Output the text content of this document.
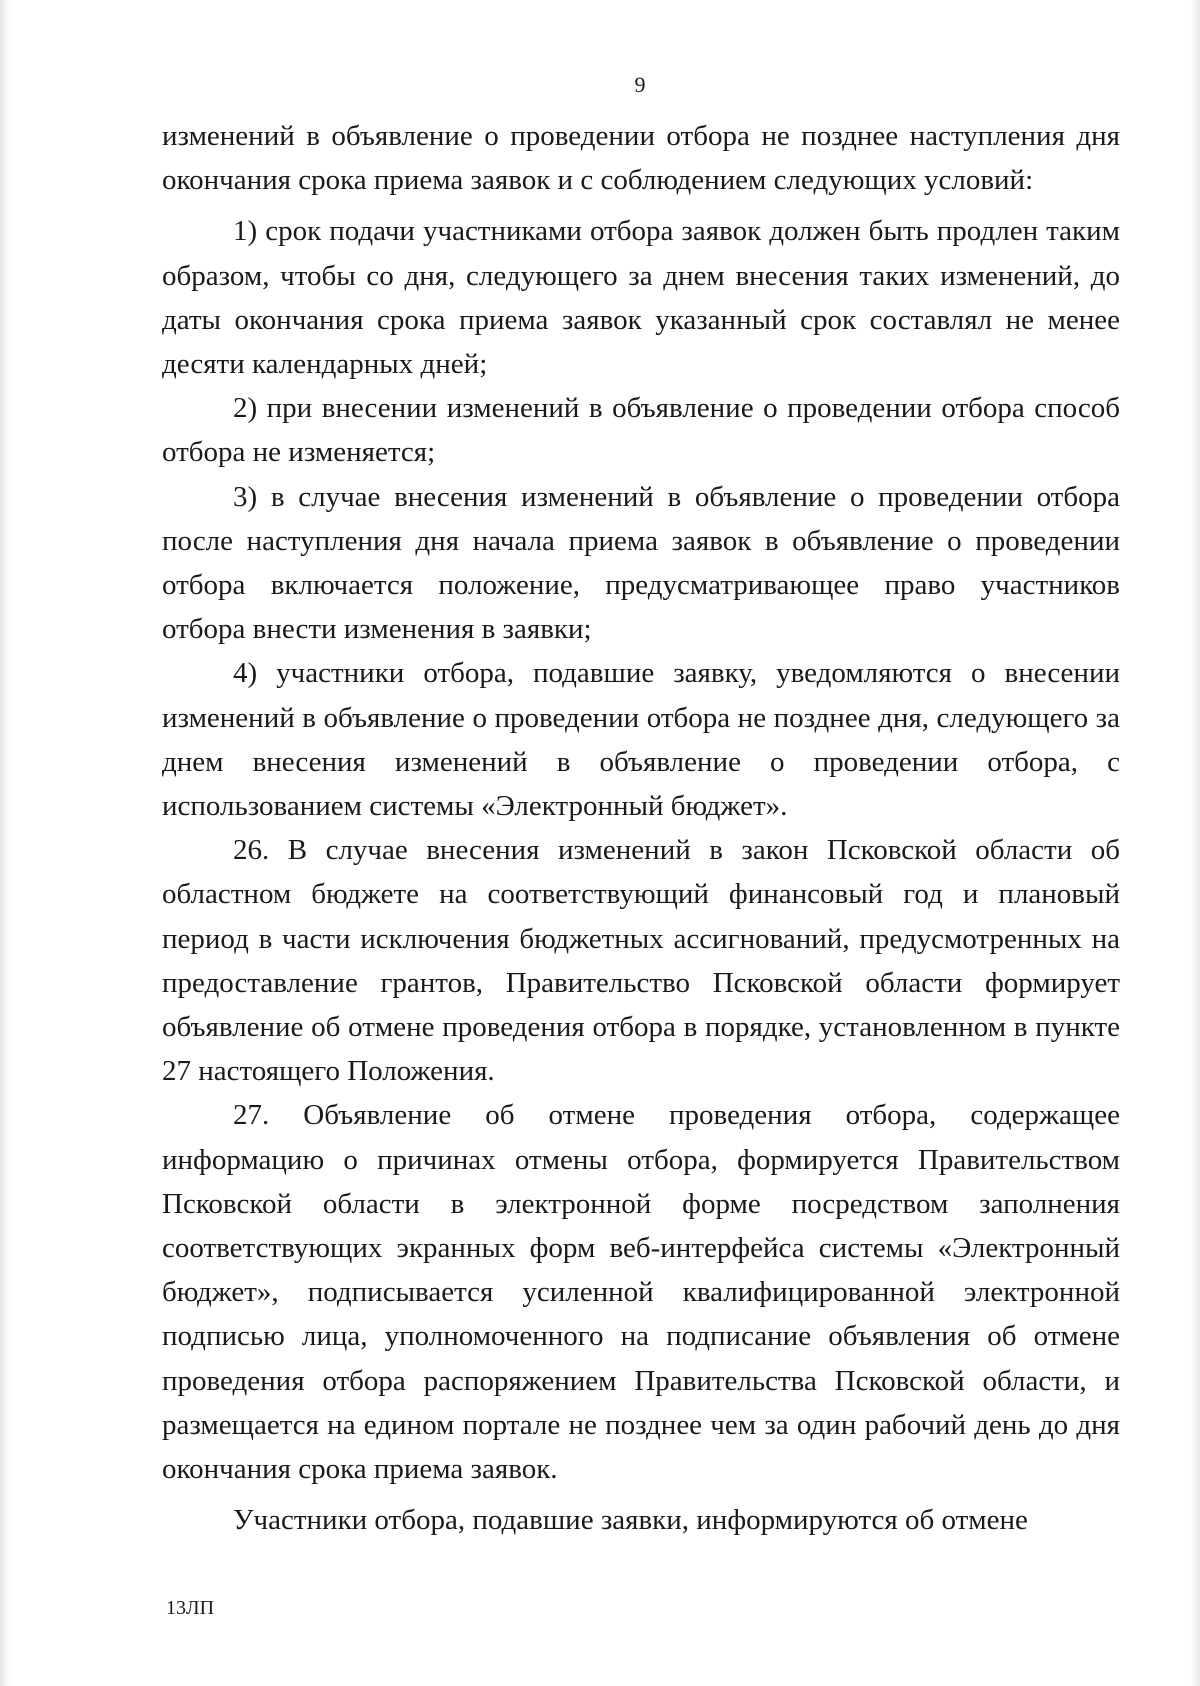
9

изменений в объявление о проведении отбора не позднее наступления дня окончания срока приема заявок и с соблюдением следующих условий:

1) срок подачи участниками отбора заявок должен быть продлен таким образом, чтобы со дня, следующего за днем внесения таких изменений, до даты окончания срока приема заявок указанный срок составлял не менее десяти календарных дней;

2) при внесении изменений в объявление о проведении отбора способ отбора не изменяется;

3) в случае внесения изменений в объявление о проведении отбора после наступления дня начала приема заявок в объявление о проведении отбора включается положение, предусматривающее право участников отбора внести изменения в заявки;

4) участники отбора, подавшие заявку, уведомляются о внесении изменений в объявление о проведении отбора не позднее дня, следующего за днем внесения изменений в объявление о проведении отбора, с использованием системы «Электронный бюджет».

26. В случае внесения изменений в закон Псковской области об областном бюджете на соответствующий финансовый год и плановый период в части исключения бюджетных ассигнований, предусмотренных на предоставление грантов, Правительство Псковской области формирует объявление об отмене проведения отбора в порядке, установленном в пункте 27 настоящего Положения.

27. Объявление об отмене проведения отбора, содержащее информацию о причинах отмены отбора, формируется Правительством Псковской области в электронной форме посредством заполнения соответствующих экранных форм веб-интерфейса системы «Электронный бюджет», подписывается усиленной квалифицированной электронной подписью лица, уполномоченного на подписание объявления об отмене проведения отбора распоряжением Правительства Псковской области, и размещается на едином портале не позднее чем за один рабочий день до дня окончания срока приема заявок.

Участники отбора, подавшие заявки, информируются об отмене

13ЛП
